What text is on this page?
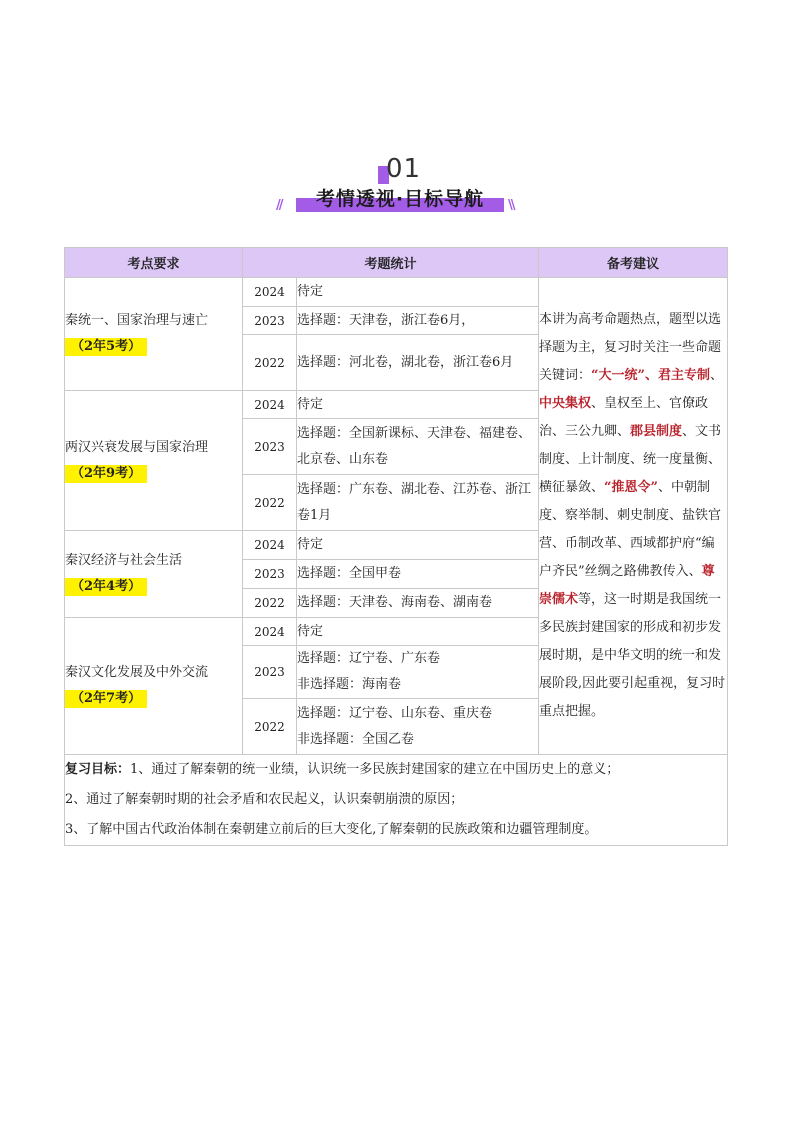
01
//	考情透视·目标导航	\\
考点要求	考题统计		备考建议

秦统一、国家治理与速亡
（2年5考）	2024	待定	本讲为高考命题热点，题型以选择题为主，复习时关注一些命题关键词：“大一统”、君主专制、中央集权、皇权至上、官僚政治、三公九卿、郡县制度、文书制度、上计制度、统一度量衡、横征暴敛、“推恩令”、中朝制度、察举制、刺史制度、盐铁官营、币制改革、西域都护府“编户齐民”丝绸之路佛教传入、尊崇儒术等，这一时期是我国统一多民族封建国家的形成和初步发展时期，是中华文明的统一和发展阶段,因此要引起重视，复习时重点把握。
	2023	选择题：天津卷，浙江卷6月，	
	2022	选择题：河北卷，湖北卷，浙江卷6月	

两汉兴衰发展与国家治理
（2年9考）	2024	待定	
	2023	选择题：全国新课标、天津卷、福建卷、北京卷、山东卷	
	2022	选择题：广东卷、湖北卷、江苏卷、浙江卷1月	

秦汉经济与社会生活
（2年4考）	2024	待定	
	2023	选择题：全国甲卷	
	2022	选择题：天津卷、海南卷、湖南卷	

秦汉文化发展及中外交流
（2年7考）	2024	待定	
	2023	选择题：辽宁卷、广东卷
非选择题：海南卷	

	2022	选择题：辽宁卷、山东卷、重庆卷
非选择题：全国乙卷	

复习目标：1、通过了解秦朝的统一业绩，认识统一多民族封建国家的建立在中国历史上的意义；
2、通过了解秦朝时期的社会矛盾和农民起义，认识秦朝崩溃的原因；
3、了解中国古代政治体制在秦朝建立前后的巨大变化,了解秦朝的民族政策和边疆管理制度。			
